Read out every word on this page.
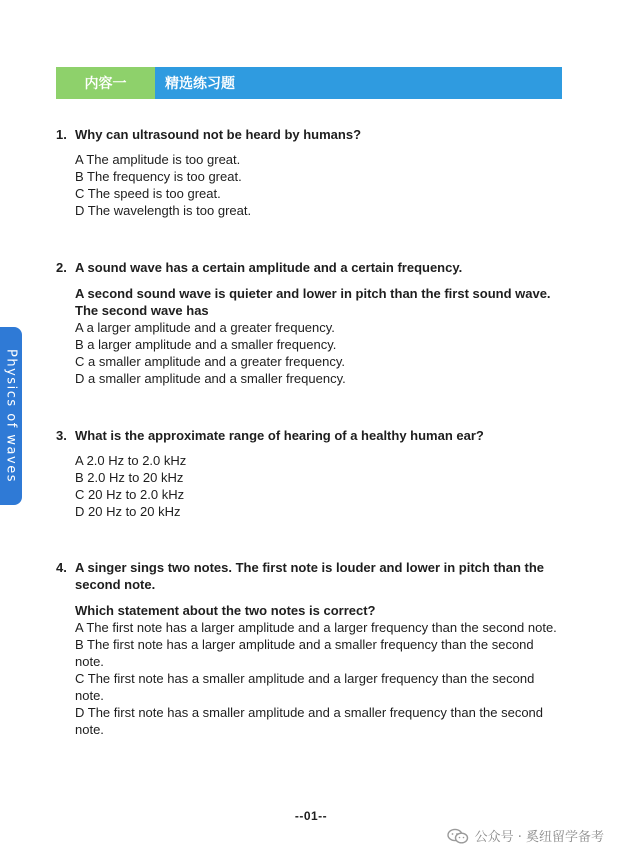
内容一	精选练习题
Physics of waves
1. Why can ultrasound not be heard by humans?
A The amplitude is too great.
B The frequency is too great.
C The speed is too great.
D The wavelength is too great.
2. A sound wave has a certain amplitude and a certain frequency.
A second sound wave is quieter and lower in pitch than the first sound wave. The second wave has
A a larger amplitude and a greater frequency.
B a larger amplitude and a smaller frequency.
C a smaller amplitude and a greater frequency.
D a smaller amplitude and a smaller frequency.
3. What is the approximate range of hearing of a healthy human ear?
A 2.0 Hz to 2.0 kHz
B 2.0 Hz to 20 kHz
C 20 Hz to 2.0 kHz
D 20 Hz to 20 kHz
4. A singer sings two notes. The first note is louder and lower in pitch than the second note.
Which statement about the two notes is correct?
A The first note has a larger amplitude and a larger frequency than the second note.
B The first note has a larger amplitude and a smaller frequency than the second note.
C The first note has a smaller amplitude and a larger frequency than the second note.
D The first note has a smaller amplitude and a smaller frequency than the second note.
--01--
公众号 · 奚纽留学备考
